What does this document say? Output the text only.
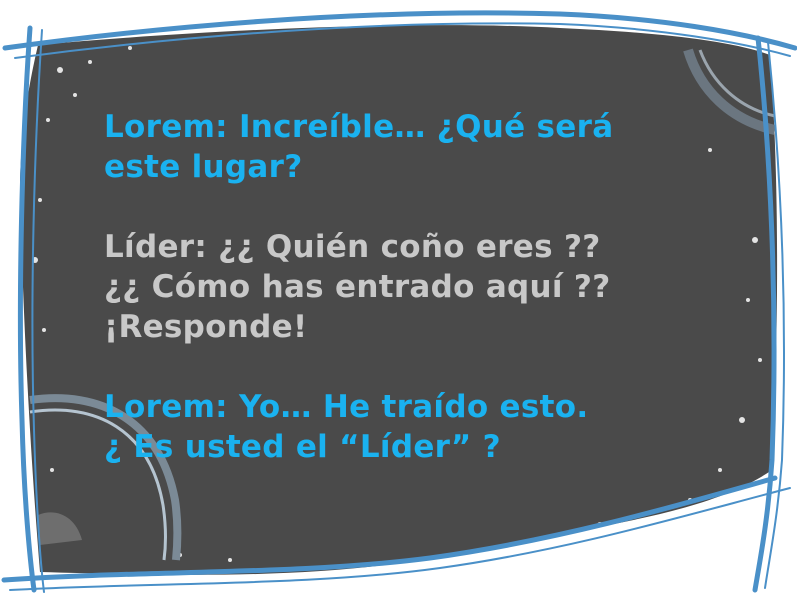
Lorem: Increíble… ¿Qué será
este lugar?
Líder: ¿¿ Quién coño eres ??
¿¿ Cómo has entrado aquí ??
¡Responde!
Lorem: Yo… He traído esto.
¿ Es usted el “Líder” ?
